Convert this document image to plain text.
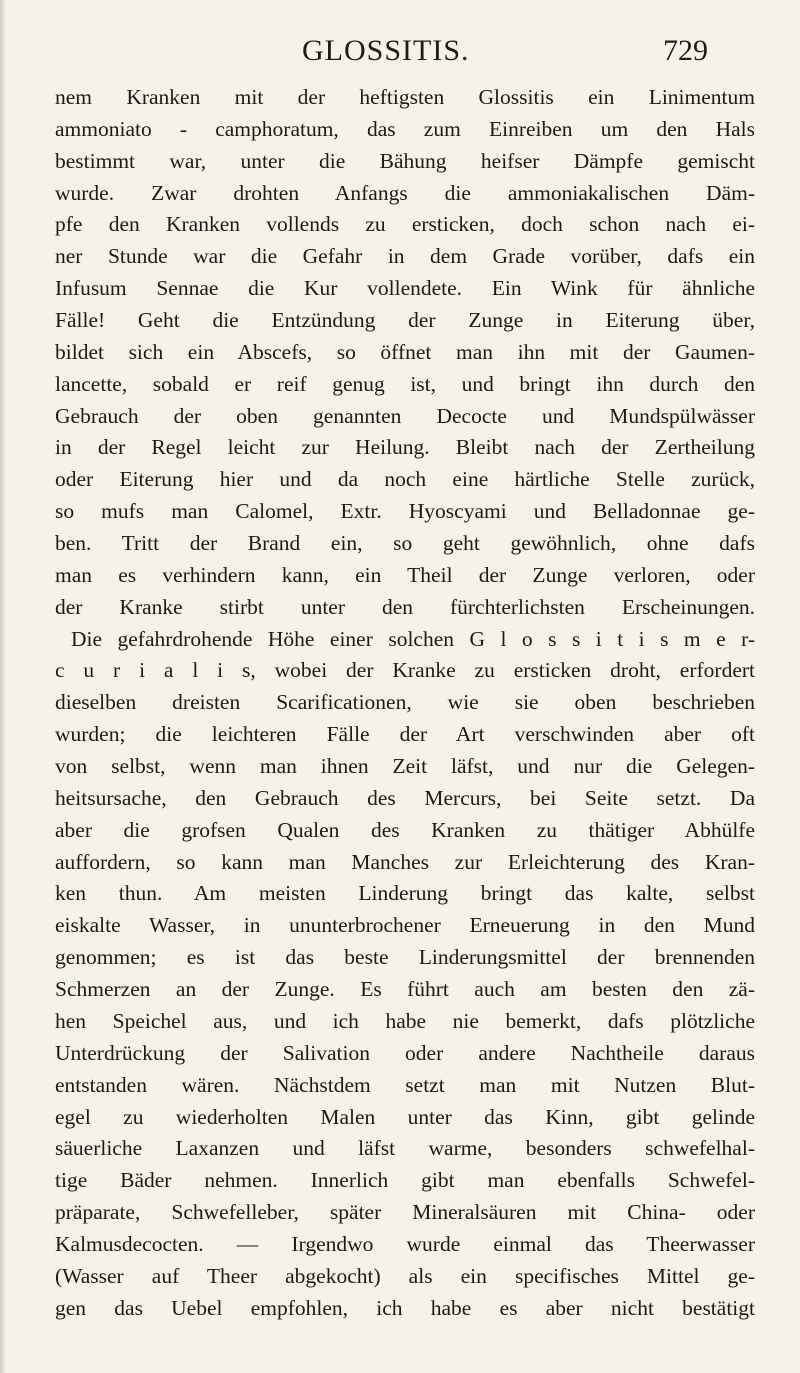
GLOSSITIS.	729
nem Kranken mit der heftigsten Glossitis ein Linimentum
ammoniato - camphoratum, das zum Einreiben um den Hals
bestimmt war, unter die Bähung heifser Dämpfe gemischt
wurde. Zwar drohten Anfangs die ammoniakalischen Däm-
pfe den Kranken vollends zu ersticken, doch schon nach ei-
ner Stunde war die Gefahr in dem Grade vorüber, dafs ein
Infusum Sennae die Kur vollendete. Ein Wink für ähnliche
Fälle! Geht die Entzündung der Zunge in Eiterung über,
bildet sich ein Abscefs, so öffnet man ihn mit der Gaumen-
lancette, sobald er reif genug ist, und bringt ihn durch den
Gebrauch der oben genannten Decocte und Mundspülwässer
in der Regel leicht zur Heilung. Bleibt nach der Zertheilung
oder Eiterung hier und da noch eine härtliche Stelle zurück,
so mufs man Calomel, Extr. Hyoscyami und Belladonnae ge-
ben. Tritt der Brand ein, so geht gewöhnlich, ohne dafs
man es verhindern kann, ein Theil der Zunge verloren, oder
der Kranke stirbt unter den fürchterlichsten Erscheinungen.
Die gefahrdrohende Höhe einer solchen G l o s s i t i s m e r-
c u r i a l i s, wobei der Kranke zu ersticken droht, erfordert
dieselben dreisten Scarificationen, wie sie oben beschrieben
wurden; die leichteren Fälle der Art verschwinden aber oft
von selbst, wenn man ihnen Zeit läfst, und nur die Gelegen-
heitsursache, den Gebrauch des Mercurs, bei Seite setzt. Da
aber die grofsen Qualen des Kranken zu thätiger Abhülfe
auffordern, so kann man Manches zur Erleichterung des Kran-
ken thun. Am meisten Linderung bringt das kalte, selbst
eiskalte Wasser, in ununterbrochener Erneuerung in den Mund
genommen; es ist das beste Linderungsmittel der brennenden
Schmerzen an der Zunge. Es führt auch am besten den zä-
hen Speichel aus, und ich habe nie bemerkt, dafs plötzliche
Unterdrückung der Salivation oder andere Nachtheile daraus
entstanden wären. Nächstdem setzt man mit Nutzen Blut-
egel zu wiederholten Malen unter das Kinn, gibt gelinde
säuerliche Laxanzen und läfst warme, besonders schwefelhal-
tige Bäder nehmen. Innerlich gibt man ebenfalls Schwefel-
präparate, Schwefelleber, später Mineralsäuren mit China- oder
Kalmusdecocten. — Irgendwo wurde einmal das Theerwasser
(Wasser auf Theer abgekocht) als ein specifisches Mittel ge-
gen das Uebel empfohlen, ich habe es aber nicht bestätigt
